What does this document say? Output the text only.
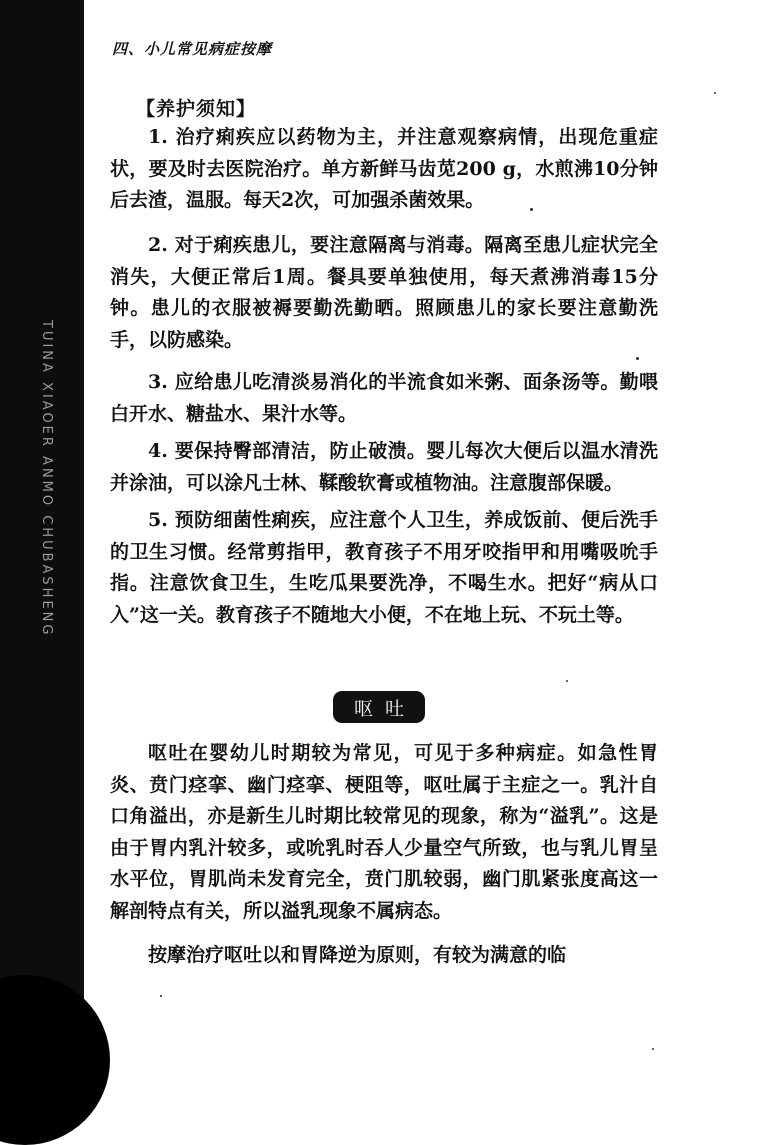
TUINA XIAOER ANMO CHUBASHENG
四、小儿常见病症按摩
【养护须知】
1. 治疗痢疾应以药物为主，并注意观察病情，出现危重症状，要及时去医院治疗。单方新鲜马齿苋200 g，水煎沸10分钟后去渣，温服。每天2次，可加强杀菌效果。
2. 对于痢疾患儿，要注意隔离与消毒。隔离至患儿症状完全消失，大便正常后1周。餐具要单独使用，每天煮沸消毒15分钟。患儿的衣服被褥要勤洗勤晒。照顾患儿的家长要注意勤洗手，以防感染。
3. 应给患儿吃清淡易消化的半流食如米粥、面条汤等。勤喂白开水、糖盐水、果汁水等。
4. 要保持臀部清洁，防止破溃。婴儿每次大便后以温水清洗并涂油，可以涂凡士林、鞣酸软膏或植物油。注意腹部保暖。
5. 预防细菌性痢疾，应注意个人卫生，养成饭前、便后洗手的卫生习惯。经常剪指甲，教育孩子不用牙咬指甲和用嘴吸吮手指。注意饮食卫生，生吃瓜果要洗净，不喝生水。把好“病从口入”这一关。教育孩子不随地大小便，不在地上玩、不玩土等。
呕吐
呕吐在婴幼儿时期较为常见，可见于多种病症。如急性胃炎、贲门痉挛、幽门痉挛、梗阻等，呕吐属于主症之一。乳汁自口角溢出，亦是新生儿时期比较常见的现象，称为“溢乳”。这是由于胃内乳汁较多，或吮乳时吞人少量空气所致，也与乳儿胃呈水平位，胃肌尚未发育完全，贲门肌较弱，幽门肌紧张度高这一解剖特点有关，所以溢乳现象不属病态。
按摩治疗呕吐以和胃降逆为原则，有较为满意的临
